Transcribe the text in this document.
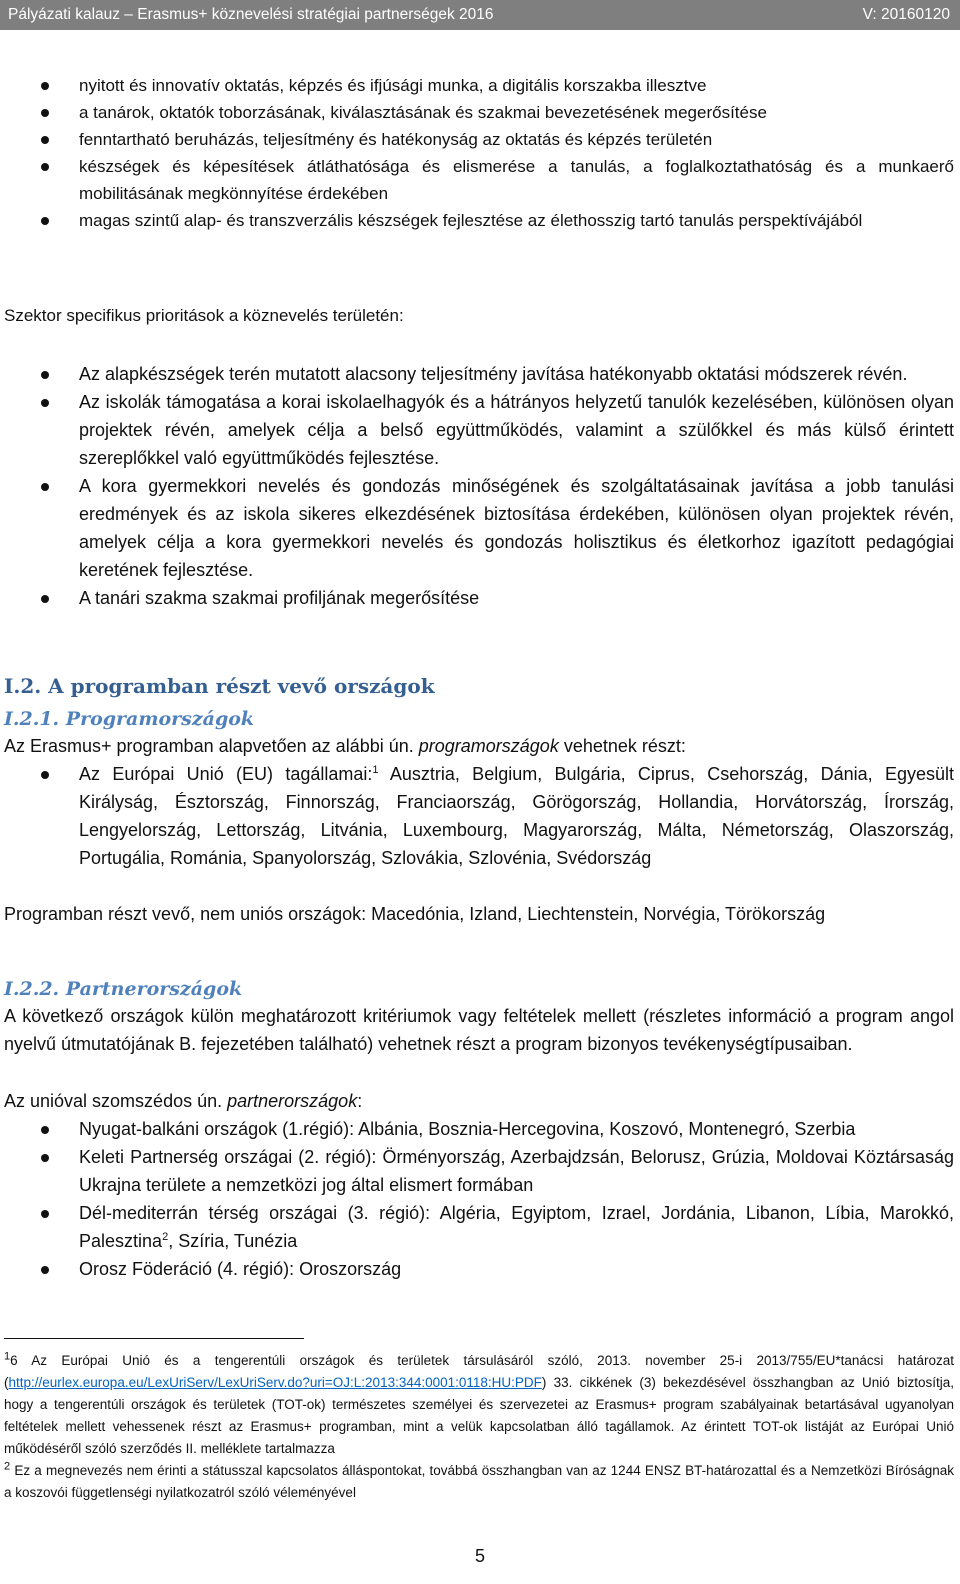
Pályázati kalauz – Erasmus+ köznevelési stratégiai partnerségek 2016	V: 20160120
nyitott és innovatív oktatás, képzés és ifjúsági munka, a digitális korszakba illesztve
a tanárok, oktatók toborzásának, kiválasztásának és szakmai bevezetésének megerősítése
fenntartható beruházás, teljesítmény és hatékonyság az oktatás és képzés területén
készségek és képesítések átláthatósága és elismerése a tanulás, a foglalkoztathatóság és a munkaerő mobilitásának megkönnyítése érdekében
magas szintű alap- és transzverzális készségek fejlesztése az élethosszig tartó tanulás perspektívájából

Szektor specifikus prioritások a köznevelés területén:

Az alapkészségek terén mutatott alacsony teljesítmény javítása hatékonyabb oktatási módszerek révén.
Az iskolák támogatása a korai iskolaelhagyók és a hátrányos helyzetű tanulók kezelésében, különösen olyan projektek révén, amelyek célja a belső együttműködés, valamint a szülőkkel és más külső érintett szereplőkkel való együttműködés fejlesztése.
A kora gyermekkori nevelés és gondozás minőségének és szolgáltatásainak javítása a jobb tanulási eredmények és az iskola sikeres elkezdésének biztosítása érdekében, különösen olyan projektek révén, amelyek célja a kora gyermekkori nevelés és gondozás holisztikus és életkorhoz igazított pedagógiai keretének fejlesztése.
A tanári szakma szakmai profiljának megerősítése
I.2. A programban részt vevő országok
I.2.1. Programországok

Az Erasmus+ programban alapvetően az alábbi ún. programországok vehetnek részt:

Az Európai Unió (EU) tagállamai:$^1$ Ausztria, Belgium, Bulgária, Ciprus, Csehország, Dánia, Egyesült Királyság, Észtország, Finnország, Franciaország, Görögország, Hollandia, Horvátország, Írország, Lengyelország, Lettország, Litvánia, Luxembourg, Magyarország, Málta, Németország, Olaszország, Portugália, Románia, Spanyolország, Szlovákia, Szlovénia, Svédország

Programban részt vevő, nem uniós országok: Macedónia, Izland, Liechtenstein, Norvégia, Törökország

I.2.2. Partnerországok

A következő országok külön meghatározott kritériumok vagy feltételek mellett (részletes információ a program angol nyelvű útmutatójának B. fejezetében található) vehetnek részt a program bizonyos tevékenységtípusaiban.

Az unióval szomszédos ún. partnerországok:

Nyugat-balkáni országok (1.régió): Albánia, Bosznia-Hercegovina, Koszovó, Montenegró, Szerbia
Keleti Partnerség országai (2. régió): Örményország, Azerbajdzsán, Belorusz, Grúzia, Moldovai Köztársaság Ukrajna területe a nemzetközi jog által elismert formában
Dél-mediterrán térség országai (3. régió): Algéria, Egyiptom, Izrael, Jordánia, Libanon, Líbia, Marokkó, Palesztina$^2$, Szíria, Tunézia
Orosz Föderáció (4. régió): Oroszország

$^1$6 Az Európai Unió és a tengerentúli országok és területek társulásáról szóló, 2013. november 25-i 2013/755/EU*tanácsi határozat (http://eurlex.europa.eu/LexUriServ/LexUriServ.do?uri=OJ:L:2013:344:0001:0118:HU:PDF) 33. cikkének (3) bekezdésével összhangban az Unió biztosítja, hogy a tengerentúli országok és területek (TOT-ok) természetes személyei és szervezetei az Erasmus+ program szabályainak betartásával ugyanolyan feltételek mellett vehessenek részt az Erasmus+ programban, mint a velük kapcsolatban álló tagállamok. Az érintett TOT-ok listáját az Európai Unió működéséről szóló szerződés II. melléklete tartalmazza

$^2$ Ez a megnevezés nem érinti a státusszal kapcsolatos álláspontokat, továbbá összhangban van az 1244 ENSZ BT-határozattal és a Nemzetközi Bíróságnak a koszovói függetlenségi nyilatkozatról szóló véleményével

5
